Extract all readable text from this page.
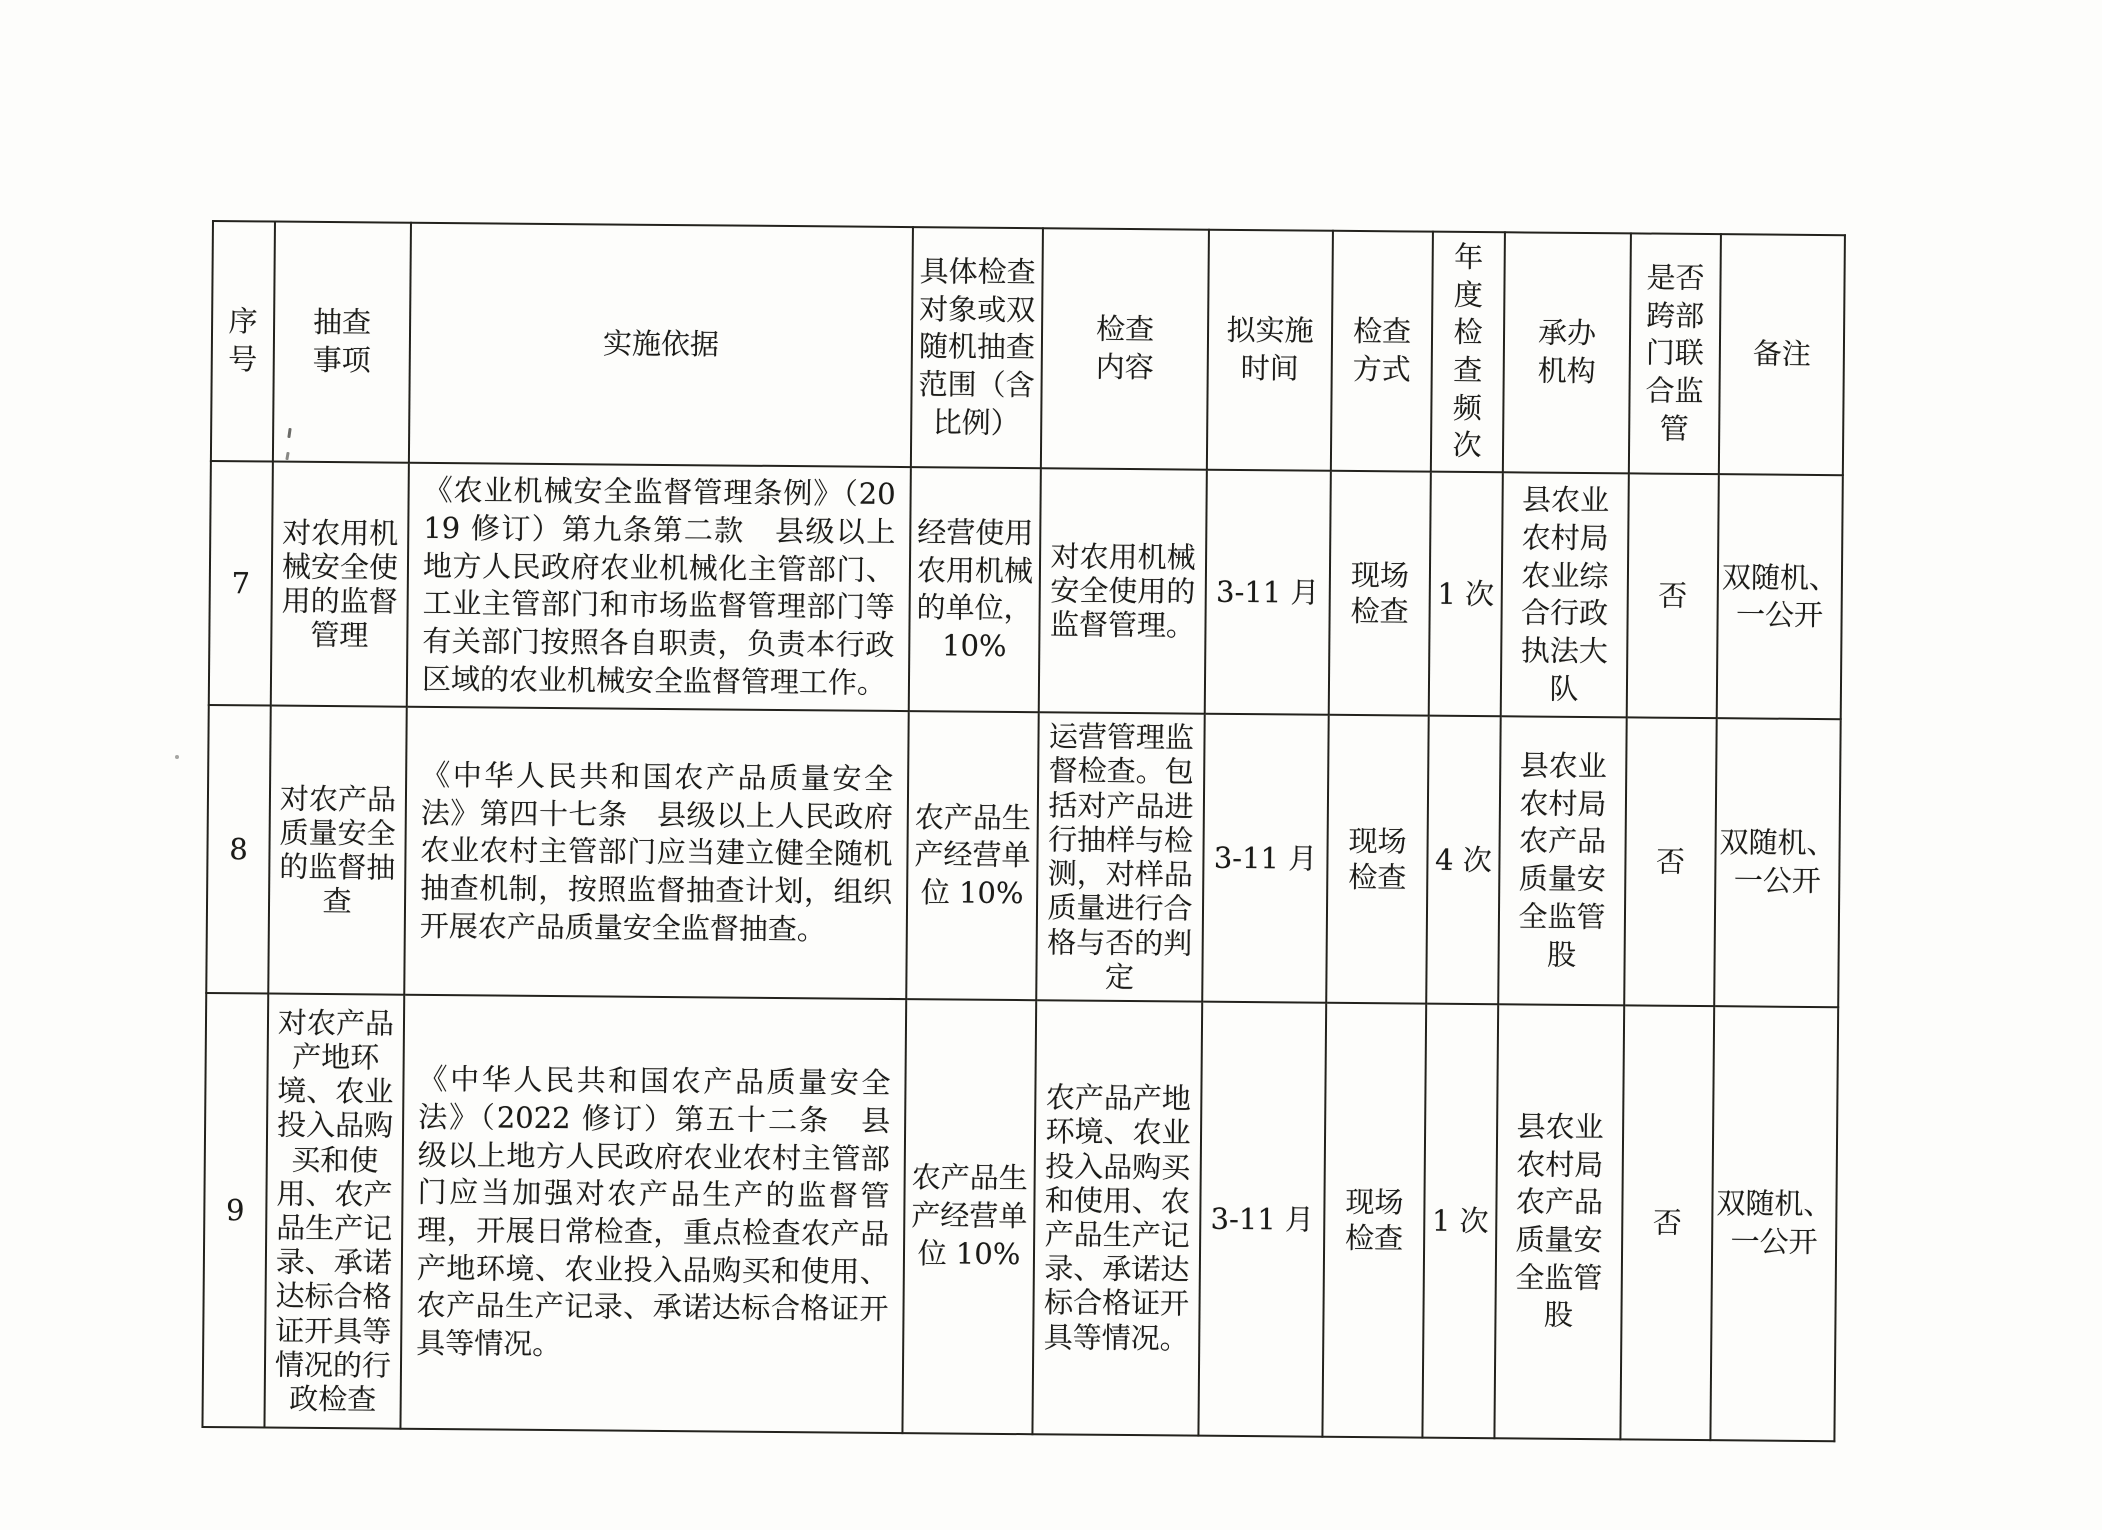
序号	抽查事项	实施依据	具体检查对象或双随机抽查范围（含比例）	检查内容	拟实施时间	检查方式	年度检查频次	承办机构	是否跨部门联合监管	备注
7	对农用机械安全使用的监督管理	《农业机械安全监督管理条例》（2019 修订）第九条第二款　县级以上地方人民政府农业机械化主管部门、工业主管部门和市场监督管理部门等有关部门按照各自职责，负责本行政区域的农业机械安全监督管理工作。	经营使用农用机械的单位，10%	对农用机械安全使用的监督管理。	3-11 月	现场检查	1 次	县农业农村局农业综合行政执法大队	否	双随机、一公开
8	对农产品质量安全的监督抽查	《中华人民共和国农产品质量安全法》第四十七条　县级以上人民政府农业农村主管部门应当建立健全随机抽查机制，按照监督抽查计划，组织开展农产品质量安全监督抽查。	农产品生产经营单位 10%	运营管理监督检查。包括对产品进行抽样与检测，对样品质量进行合格与否的判定	3-11 月	现场检查	4 次	县农业农村局农产品质量安全监管股	否	双随机、一公开
9	对农产品产地环境、农业投入品购买和使用、农产品生产记录、承诺达标合格证开具等情况的行政检查	《中华人民共和国农产品质量安全法》（2022 修订）第五十二条　县级以上地方人民政府农业农村主管部门应当加强对农产品生产的监督管理，开展日常检查，重点检查农产品产地环境、农业投入品购买和使用、农产品生产记录、承诺达标合格证开具等情况。	农产品生产经营单位 10%	农产品产地环境、农业投入品购买和使用、农产品生产记录、承诺达标合格证开具等情况。	3-11 月	现场检查	1 次	县农业农村局农产品质量安全监管股	否	双随机、一公开
